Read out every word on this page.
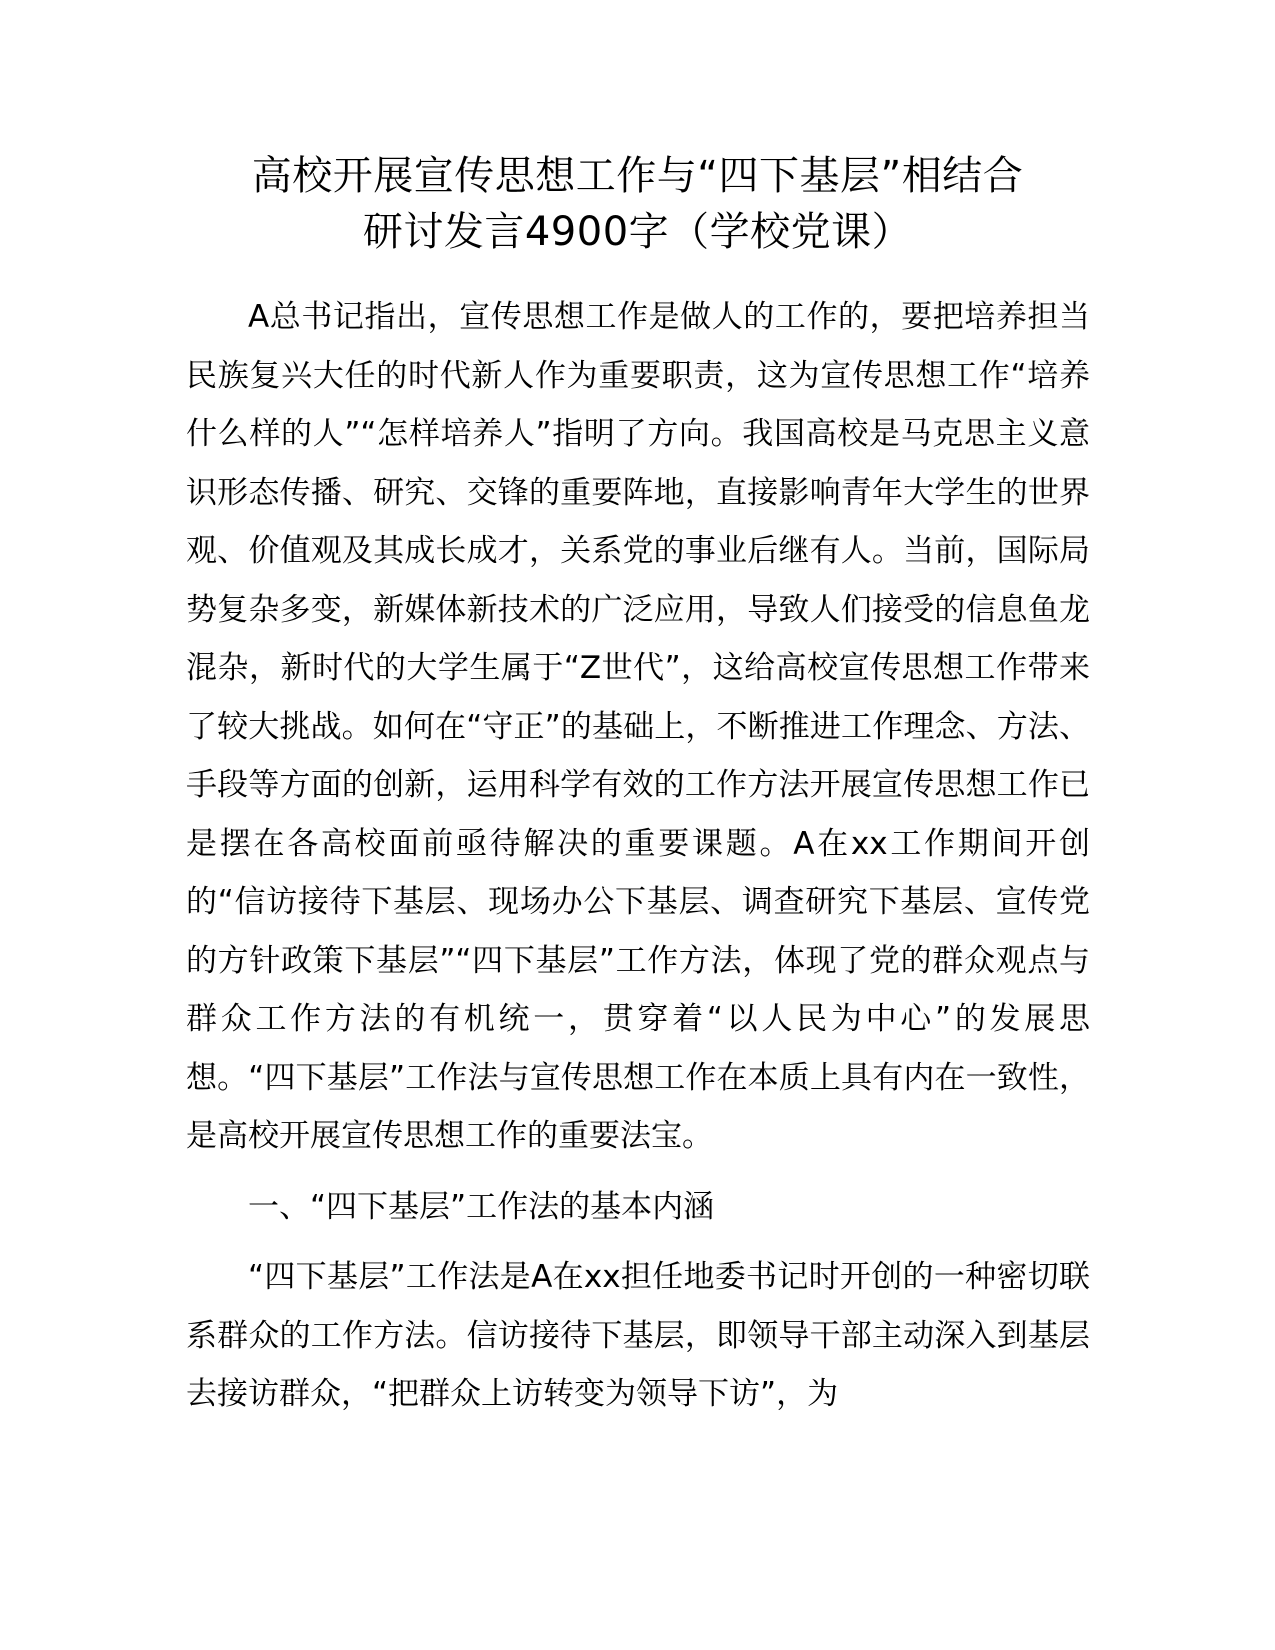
高校开展宣传思想工作与“四下基层”相结合
研讨发言4900字（学校党课）

A总书记指出，宣传思想工作是做人的工作的，要把培养担当民族复兴大任的时代新人作为重要职责，这为宣传思想工作“培养什么样的人”“怎样培养人”指明了方向。我国高校是马克思主义意识形态传播、研究、交锋的重要阵地，直接影响青年大学生的世界观、价值观及其成长成才，关系党的事业后继有人。当前，国际局势复杂多变，新媒体新技术的广泛应用，导致人们接受的信息鱼龙混杂，新时代的大学生属于“Z世代”，这给高校宣传思想工作带来了较大挑战。如何在“守正”的基础上，不断推进工作理念、方法、手段等方面的创新，运用科学有效的工作方法开展宣传思想工作已是摆在各高校面前亟待解决的重要课题。A在xx工作期间开创的“信访接待下基层、现场办公下基层、调查研究下基层、宣传党的方针政策下基层”“四下基层”工作方法，体现了党的群众观点与群众工作方法的有机统一，贯穿着“以人民为中心”的发展思想。“四下基层”工作法与宣传思想工作在本质上具有内在一致性，是高校开展宣传思想工作的重要法宝。

一、“四下基层”工作法的基本内涵

“四下基层”工作法是A在xx担任地委书记时开创的一种密切联系群众的工作方法。信访接待下基层，即领导干部主动深入到基层去接访群众，“把群众上访转变为领导下访”，为
